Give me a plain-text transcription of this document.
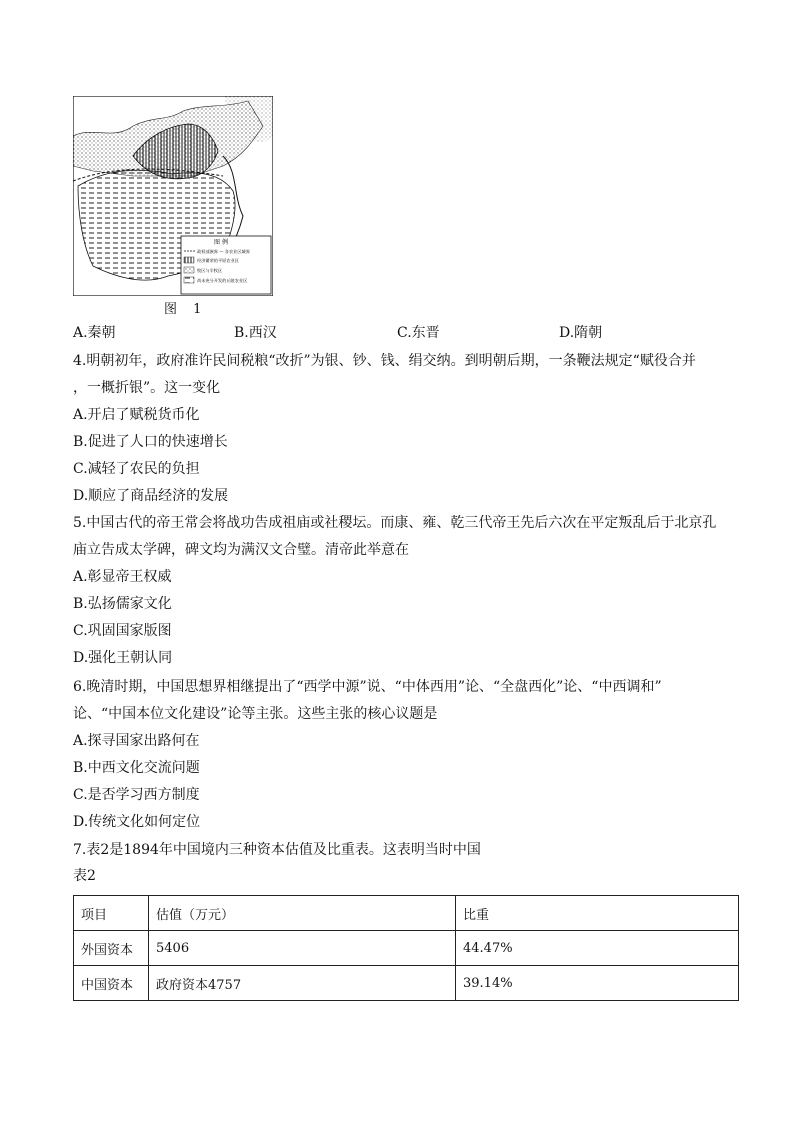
图 例
政权部族界 — 各农业区域界
经济繁荣的平原农业区
牧区与半牧区
尚未充分开发的丘陵农业区
图 1
A.秦朝	B.西汉	C.东晋	D.隋朝
4.明朝初年，政府准许民间税粮“改折”为银、钞、钱、绢交纳。到明朝后期，一条鞭法规定“赋役合并
，一概折银”。这一变化
A.开启了赋税货币化
B.促进了人口的快速增长
C.减轻了农民的负担
D.顺应了商品经济的发展
5.中国古代的帝王常会将战功告成祖庙或社稷坛。而康、雍、乾三代帝王先后六次在平定叛乱后于北京孔
庙立告成太学碑，碑文均为满汉文合璧。清帝此举意在
A.彰显帝王权威
B.弘扬儒家文化
C.巩固国家版图
D.强化王朝认同
6.晚清时期，中国思想界相继提出了“西学中源”说、“中体西用”论、“全盘西化”论、“中西调和”
论、“中国本位文化建设”论等主张。这些主张的核心议题是
A.探寻国家出路何在
B.中西文化交流问题
C.是否学习西方制度
D.传统文化如何定位
7.表2是1894年中国境内三种资本估值及比重表。这表明当时中国
表2
项目	估值（万元）	比重
外国资本	5406	44.47%
中国资本	政府资本4757	39.14%
